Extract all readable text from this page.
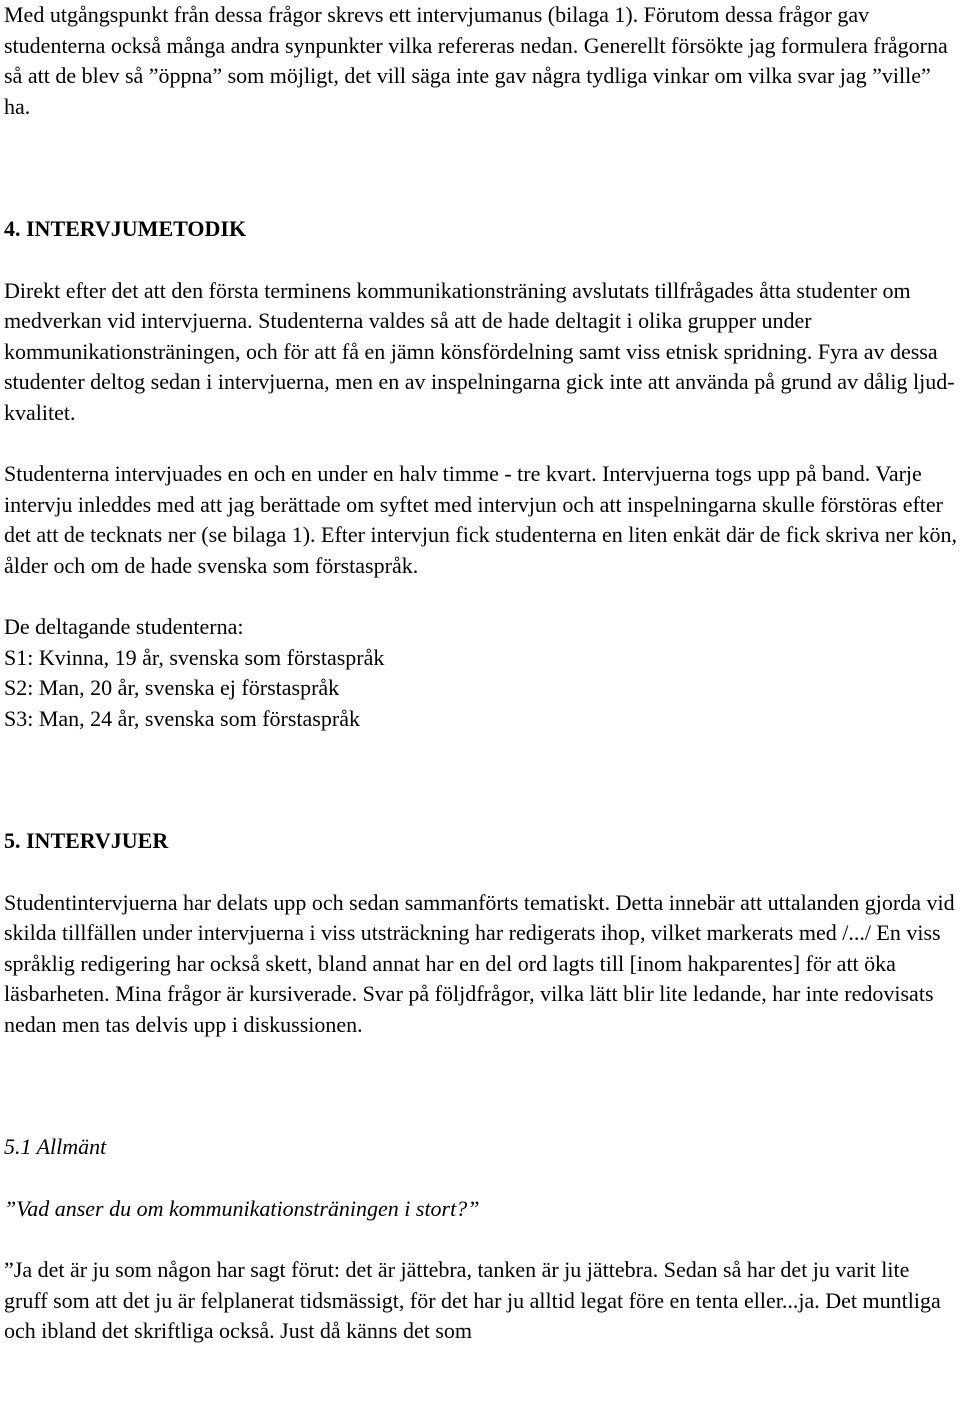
Med utgångspunkt från dessa frågor skrevs ett intervjumanus (bilaga 1). Förutom dessa frågor gav studenterna också många andra synpunkter vilka refereras nedan. Generellt försökte jag formulera frågorna så att de blev så ”öppna” som möjligt, det vill säga inte gav några tydliga vinkar om vilka svar jag ”ville” ha.

4. INTERVJUMETODIK

Direkt efter det att den första terminens kommunikationsträning avslutats tillfrågades åtta studenter om medverkan vid intervjuerna. Studenterna valdes så att de hade deltagit i olika grupper under kommunikationsträningen, och för att få en jämn könsfördelning samt viss etnisk spridning. Fyra av dessa studenter deltog sedan i intervjuerna, men en av inspelningarna gick inte att använda på grund av dålig ljud-kvalitet.

Studenterna intervjuades en och en under en halv timme - tre kvart. Intervjuerna togs upp på band. Varje intervju inleddes med att jag berättade om syftet med intervjun och att inspelningarna skulle förstöras efter det att de tecknats ner (se bilaga 1). Efter intervjun fick studenterna en liten enkät där de fick skriva ner kön, ålder och om de hade svenska som förstaspråk.

De deltagande studenterna:
S1: Kvinna, 19 år, svenska som förstaspråk
S2: Man, 20 år, svenska ej förstaspråk
S3: Man, 24 år, svenska som förstaspråk

5. INTERVJUER

Studentintervjuerna har delats upp och sedan sammanförts tematiskt. Detta innebär att uttalanden gjorda vid skilda tillfällen under intervjuerna i viss utsträckning har redigerats ihop, vilket markerats med /.../ En viss språklig redigering har också skett, bland annat har en del ord lagts till [inom hakparentes] för att öka läsbarheten. Mina frågor är kursiverade. Svar på följdfrågor, vilka lätt blir lite ledande, har inte redovisats nedan men tas delvis upp i diskussionen.

5.1 Allmänt

”Vad anser du om kommunikationsträningen i stort?”

”Ja det är ju som någon har sagt förut: det är jättebra, tanken är ju jättebra. Sedan så har det ju varit lite gruff som att det ju är felplanerat tidsmässigt, för det har ju alltid legat före en tenta eller...ja. Det muntliga och ibland det skriftliga också. Just då känns det som
